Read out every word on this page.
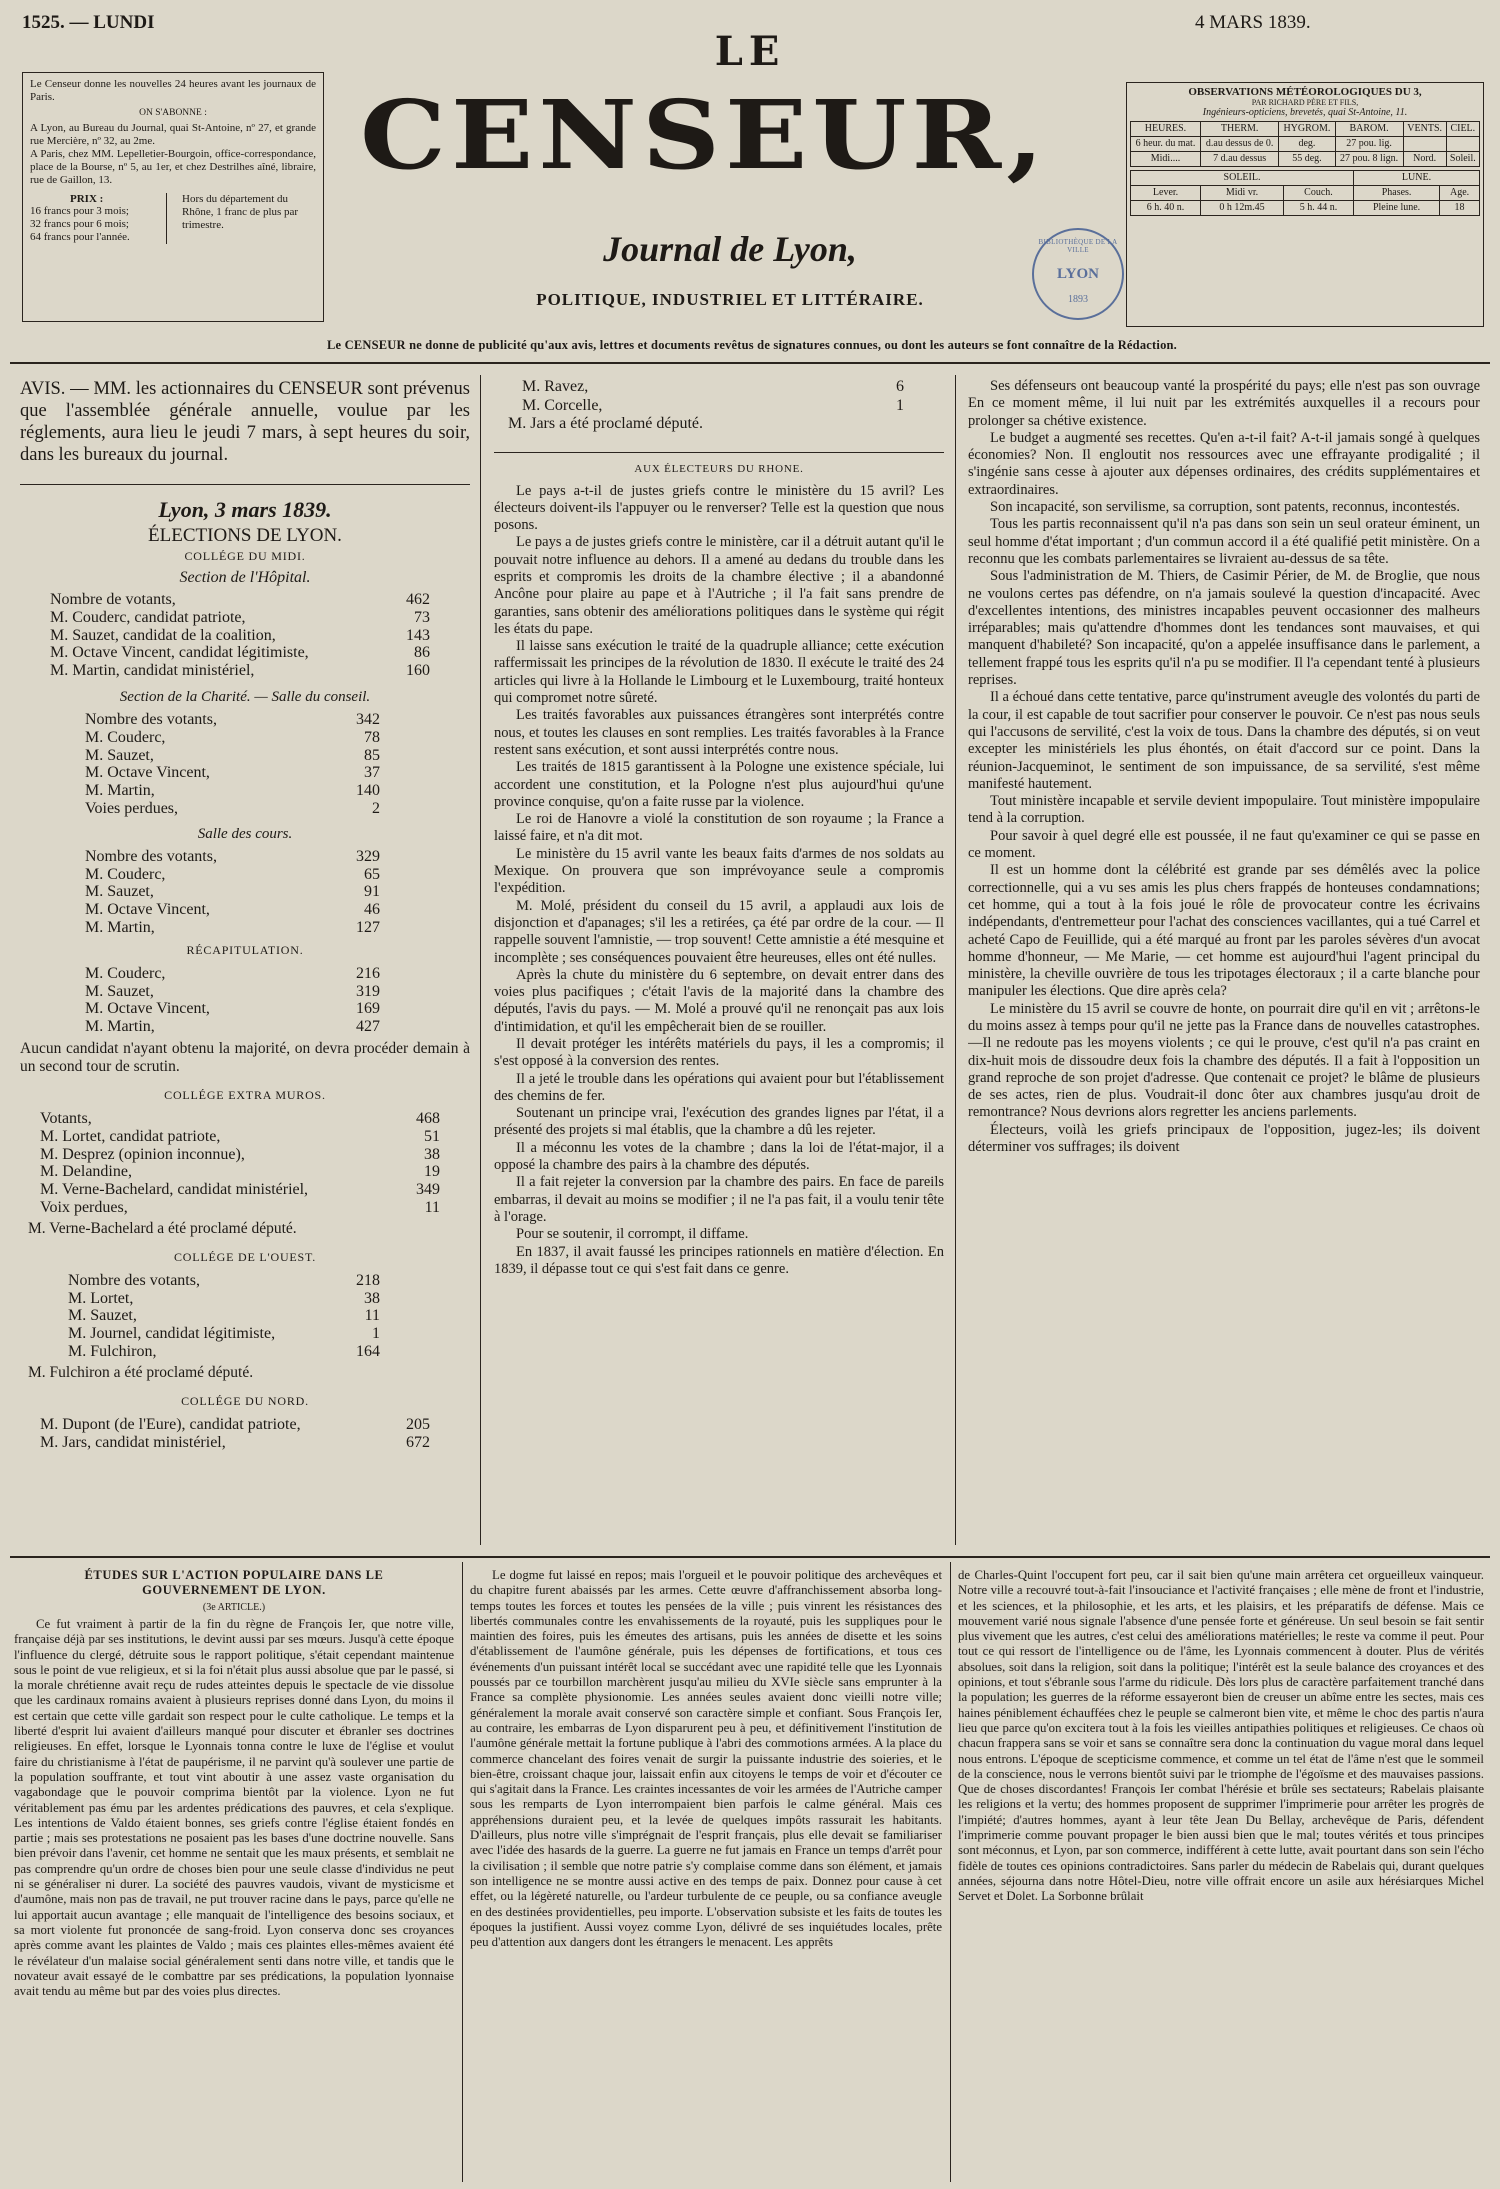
1525. — LUNDI	4 MARS 1839.
Le Censeur donne les nouvelles 24 heures avant les journaux de Paris.
ON S'ABONNE :
A Lyon, au Bureau du Journal, quai St-Antoine, nº 27, et grande rue Mercière, nº 32, au 2me.
A Paris, chez MM. Lepelletier-Bourgoin, office-correspondance, place de la Bourse, nº 5, au 1er, et chez Destrilhes aîné, libraire, rue de Gaillon, 13.
PRIX :
16 francs pour 3 mois;
32 francs pour 6 mois;
64 francs pour l'année.
Hors du département du Rhône, 1 franc de plus par trimestre.
LE
CENSEUR,
Journal de Lyon,
POLITIQUE, INDUSTRIEL ET LITTÉRAIRE.
BIBLIOTHÈQUE DE LA VILLE
LYON
1893
OBSERVATIONS MÉTÉOROLOGIQUES DU 3,
PAR RICHARD PÈRE ET FILS,
Ingénieurs-opticiens, brevetés, quai St-Antoine, 11.
HEURES.	THERM.	HYGROM.	BAROM.	VENTS.	CIEL.
6 heur. du mat.	d.au dessus de 0.	deg.	27 pou. lig.		
Midi....	7 d.au dessus	55 deg.	27 pou. 8 lign.	Nord.	Soleil.
SOLEIL.			LUNE.	
Lever.	Midi vr.	Couch.	Phases.	Age.
6 h. 40 n.	0 h 12m.45	5 h. 44 n.	Pleine lune.	18
Le CENSEUR ne donne de publicité qu'aux avis, lettres et documents revêtus de signatures connues, ou dont les auteurs se font connaître de la Rédaction.
AVIS. — MM. les actionnaires du CENSEUR sont prévenus que l'assemblée générale annuelle, voulue par les réglements, aura lieu le jeudi 7 mars, à sept heures du soir, dans les bureaux du journal.
Lyon, 3 mars 1839.
ÉLECTIONS DE LYON.
COLLÉGE DU MIDI.
Section de l'Hôpital.
Nombre de votants,	462
M. Couderc, candidat patriote,	73
M. Sauzet, candidat de la coalition,	143
M. Octave Vincent, candidat légitimiste,	86
M. Martin, candidat ministériel,	160
Section de la Charité. — Salle du conseil.
Nombre des votants,	342
M. Couderc,	78
M. Sauzet,	85
M. Octave Vincent,	37
M. Martin,	140
Voies perdues,	2
Salle des cours.
Nombre des votants,	329
M. Couderc,	65
M. Sauzet,	91
M. Octave Vincent,	46
M. Martin,	127
RÉCAPITULATION.
M. Couderc,	216
M. Sauzet,	319
M. Octave Vincent,	169
M. Martin,	427
Aucun candidat n'ayant obtenu la majorité, on devra procéder demain à un second tour de scrutin.
COLLÉGE EXTRA MUROS.
Votants,	468
M. Lortet, candidat patriote,	51
M. Desprez (opinion inconnue),	38
M. Delandine,	19
M. Verne-Bachelard, candidat ministériel,	349
Voix perdues,	11
M. Verne-Bachelard a été proclamé député.
COLLÉGE DE L'OUEST.
Nombre des votants,	218
M. Lortet,	38
M. Sauzet,	11
M. Journel, candidat légitimiste,	1
M. Fulchiron,	164
M. Fulchiron a été proclamé député.
COLLÉGE DU NORD.
M. Dupont (de l'Eure), candidat patriote,	205
M. Jars, candidat ministériel,	672
M. Ravez,	6
M. Corcelle,	1
M. Jars a été proclamé député.
AUX ÉLECTEURS DU RHONE.

Le pays a-t-il de justes griefs contre le ministère du 15 avril? Les électeurs doivent-ils l'appuyer ou le renverser? Telle est la question que nous posons.

Le pays a de justes griefs contre le ministère, car il a détruit autant qu'il le pouvait notre influence au dehors. Il a amené au dedans du trouble dans les esprits et compromis les droits de la chambre élective ; il a abandonné Ancône pour plaire au pape et à l'Autriche ; il l'a fait sans prendre de garanties, sans obtenir des améliorations politiques dans le système qui régit les états du pape.

Il laisse sans exécution le traité de la quadruple alliance; cette exécution raffermissait les principes de la révolution de 1830. Il exécute le traité des 24 articles qui livre à la Hollande le Limbourg et le Luxembourg, traité honteux qui compromet notre sûreté.

Les traités favorables aux puissances étrangères sont interprétés contre nous, et toutes les clauses en sont remplies. Les traités favorables à la France restent sans exécution, et sont aussi interprétés contre nous.

Les traités de 1815 garantissent à la Pologne une existence spéciale, lui accordent une constitution, et la Pologne n'est plus aujourd'hui qu'une province conquise, qu'on a faite russe par la violence.

Le roi de Hanovre a violé la constitution de son royaume ; la France a laissé faire, et n'a dit mot.

Le ministère du 15 avril vante les beaux faits d'armes de nos soldats au Mexique. On prouvera que son imprévoyance seule a compromis l'expédition.

M. Molé, président du conseil du 15 avril, a applaudi aux lois de disjonction et d'apanages; s'il les a retirées, ça été par ordre de la cour. — Il rappelle souvent l'amnistie, — trop souvent! Cette amnistie a été mesquine et incomplète ; ses conséquences pouvaient être heureuses, elles ont été nulles.

Après la chute du ministère du 6 septembre, on devait entrer dans des voies plus pacifiques ; c'était l'avis de la majorité dans la chambre des députés, l'avis du pays. — M. Molé a prouvé qu'il ne renonçait pas aux lois d'intimidation, et qu'il les empêcherait bien de se rouiller.

Il devait protéger les intérêts matériels du pays, il les a compromis; il s'est opposé à la conversion des rentes.

Il a jeté le trouble dans les opérations qui avaient pour but l'établissement des chemins de fer.

Soutenant un principe vrai, l'exécution des grandes lignes par l'état, il a présenté des projets si mal établis, que la chambre a dû les rejeter.

Il a méconnu les votes de la chambre ; dans la loi de l'état-major, il a opposé la chambre des pairs à la chambre des députés.

Il a fait rejeter la conversion par la chambre des pairs. En face de pareils embarras, il devait au moins se modifier ; il ne l'a pas fait, il a voulu tenir tête à l'orage.

Pour se soutenir, il corrompt, il diffame.

En 1837, il avait faussé les principes rationnels en matière d'élection. En 1839, il dépasse tout ce qui s'est fait dans ce genre.

Ses défenseurs ont beaucoup vanté la prospérité du pays; elle n'est pas son ouvrage En ce moment même, il lui nuit par les extrémités auxquelles il a recours pour prolonger sa chétive existence.

Le budget a augmenté ses recettes. Qu'en a-t-il fait? A-t-il jamais songé à quelques économies? Non. Il engloutit nos ressources avec une effrayante prodigalité ; il s'ingénie sans cesse à ajouter aux dépenses ordinaires, des crédits supplémentaires et extraordinaires.

Son incapacité, son servilisme, sa corruption, sont patents, reconnus, incontestés.

Tous les partis reconnaissent qu'il n'a pas dans son sein un seul orateur éminent, un seul homme d'état important ; d'un commun accord il a été qualifié petit ministère. On a reconnu que les combats parlementaires se livraient au-dessus de sa tête.

Sous l'administration de M. Thiers, de Casimir Périer, de M. de Broglie, que nous ne voulons certes pas défendre, on n'a jamais soulevé la question d'incapacité. Avec d'excellentes intentions, des ministres incapables peuvent occasionner des malheurs irréparables; mais qu'attendre d'hommes dont les tendances sont mauvaises, et qui manquent d'habileté? Son incapacité, qu'on a appelée insuffisance dans le parlement, a tellement frappé tous les esprits qu'il n'a pu se modifier. Il l'a cependant tenté à plusieurs reprises.

Il a échoué dans cette tentative, parce qu'instrument aveugle des volontés du parti de la cour, il est capable de tout sacrifier pour conserver le pouvoir. Ce n'est pas nous seuls qui l'accusons de servilité, c'est la voix de tous. Dans la chambre des députés, si on veut excepter les ministériels les plus éhontés, on était d'accord sur ce point. Dans la réunion-Jacqueminot, le sentiment de son impuissance, de sa servilité, s'est même manifesté hautement.

Tout ministère incapable et servile devient impopulaire. Tout ministère impopulaire tend à la corruption.

Pour savoir à quel degré elle est poussée, il ne faut qu'examiner ce qui se passe en ce moment.

Il est un homme dont la célébrité est grande par ses démêlés avec la police correctionnelle, qui a vu ses amis les plus chers frappés de honteuses condamnations; cet homme, qui a tout à la fois joué le rôle de provocateur contre les écrivains indépendants, d'entremetteur pour l'achat des consciences vacillantes, qui a tué Carrel et acheté Capo de Feuillide, qui a été marqué au front par les paroles sévères d'un avocat homme d'honneur, — Me Marie, — cet homme est aujourd'hui l'agent principal du ministère, la cheville ouvrière de tous les tripotages électoraux ; il a carte blanche pour manipuler les élections. Que dire après cela?

Le ministère du 15 avril se couvre de honte, on pourrait dire qu'il en vit ; arrêtons-le du moins assez à temps pour qu'il ne jette pas la France dans de nouvelles catastrophes.—Il ne redoute pas les moyens violents ; ce qui le prouve, c'est qu'il n'a pas craint en dix-huit mois de dissoudre deux fois la chambre des députés. Il a fait à l'opposition un grand reproche de son projet d'adresse. Que contenait ce projet? le blâme de plusieurs de ses actes, rien de plus. Voudrait-il donc ôter aux chambres jusqu'au droit de remontrance? Nous devrions alors regretter les anciens parlements.

Électeurs, voilà les griefs principaux de l'opposition, jugez-les; ils doivent déterminer vos suffrages; ils doivent

ÉTUDES SUR L'ACTION POPULAIRE DANS LE GOUVERNEMENT DE LYON.
(3e ARTICLE.)

Ce fut vraiment à partir de la fin du règne de François Ier, que notre ville, française déjà par ses institutions, le devint aussi par ses mœurs. Jusqu'à cette époque l'influence du clergé, détruite sous le rapport politique, s'était cependant maintenue sous le point de vue religieux, et si la foi n'était plus aussi absolue que par le passé, si la morale chrétienne avait reçu de rudes atteintes depuis le spectacle de vie dissolue que les cardinaux romains avaient à plusieurs reprises donné dans Lyon, du moins il est certain que cette ville gardait son respect pour le culte catholique. Le temps et la liberté d'esprit lui avaient d'ailleurs manqué pour discuter et ébranler ses doctrines religieuses. En effet, lorsque le Lyonnais tonna contre le luxe de l'église et voulut faire du christianisme à l'état de paupérisme, il ne parvint qu'à soulever une partie de la population souffrante, et tout vint aboutir à une assez vaste organisation du vagabondage que le pouvoir comprima bientôt par la violence. Lyon ne fut véritablement pas ému par les ardentes prédications des pauvres, et cela s'explique. Les intentions de Valdo étaient bonnes, ses griefs contre l'église étaient fondés en partie ; mais ses protestations ne posaient pas les bases d'une doctrine nouvelle. Sans bien prévoir dans l'avenir, cet homme ne sentait que les maux présents, et semblait ne pas comprendre qu'un ordre de choses bien pour une seule classe d'individus ne peut ni se généraliser ni durer. La société des pauvres vaudois, vivant de mysticisme et d'aumône, mais non pas de travail, ne put trouver racine dans le pays, parce qu'elle ne lui apportait aucun avantage ; elle manquait de l'intelligence des besoins sociaux, et sa mort violente fut prononcée de sang-froid. Lyon conserva donc ses croyances après comme avant les plaintes de Valdo ; mais ces plaintes elles-mêmes avaient été le révélateur d'un malaise social généralement senti dans notre ville, et tandis que le novateur avait essayé de le combattre par ses prédications, la population lyonnaise avait tendu au même but par des voies plus directes.

Le dogme fut laissé en repos; mais l'orgueil et le pouvoir politique des archevêques et du chapitre furent abaissés par les armes. Cette œuvre d'affranchissement absorba long-temps toutes les forces et toutes les pensées de la ville ; puis vinrent les résistances des libertés communales contre les envahissements de la royauté, puis les suppliques pour le maintien des foires, puis les émeutes des artisans, puis les années de disette et les soins d'établissement de l'aumône générale, puis les dépenses de fortifications, et tous ces événements d'un puissant intérêt local se succédant avec une rapidité telle que les Lyonnais poussés par ce tourbillon marchèrent jusqu'au milieu du XVIe siècle sans emprunter à la France sa complète physionomie. Les années seules avaient donc vieilli notre ville; généralement la morale avait conservé son caractère simple et confiant. Sous François Ier, au contraire, les embarras de Lyon disparurent peu à peu, et définitivement l'institution de l'aumône générale mettait la fortune publique à l'abri des commotions armées. A la place du commerce chancelant des foires venait de surgir la puissante industrie des soieries, et le bien-être, croissant chaque jour, laissait enfin aux citoyens le temps de voir et d'écouter ce qui s'agitait dans la France. Les craintes incessantes de voir les armées de l'Autriche camper sous les remparts de Lyon interrompaient bien parfois le calme général. Mais ces appréhensions duraient peu, et la levée de quelques impôts rassurait les habitants. D'ailleurs, plus notre ville s'imprégnait de l'esprit français, plus elle devait se familiariser avec l'idée des hasards de la guerre. La guerre ne fut jamais en France un temps d'arrêt pour la civilisation ; il semble que notre patrie s'y complaise comme dans son élément, et jamais son intelligence ne se montre aussi active en des temps de paix. Donnez pour cause à cet effet, ou la légèreté naturelle, ou l'ardeur turbulente de ce peuple, ou sa confiance aveugle en des destinées providentielles, peu importe. L'observation subsiste et les faits de toutes les époques la justifient. Aussi voyez comme Lyon, délivré de ses inquiétudes locales, prête peu d'attention aux dangers dont les étrangers le menacent. Les apprêts

de Charles-Quint l'occupent fort peu, car il sait bien qu'une main arrêtera cet orgueilleux vainqueur. Notre ville a recouvré tout-à-fait l'insouciance et l'activité françaises ; elle mène de front et l'industrie, et les sciences, et la philosophie, et les arts, et les plaisirs, et les préparatifs de défense. Mais ce mouvement varié nous signale l'absence d'une pensée forte et généreuse. Un seul besoin se fait sentir plus vivement que les autres, c'est celui des améliorations matérielles; le reste va comme il peut. Pour tout ce qui ressort de l'intelligence ou de l'âme, les Lyonnais commencent à douter. Plus de vérités absolues, soit dans la religion, soit dans la politique; l'intérêt est la seule balance des croyances et des opinions, et tout s'ébranle sous l'arme du ridicule. Dès lors plus de caractère parfaitement tranché dans la population; les guerres de la réforme essayeront bien de creuser un abîme entre les sectes, mais ces haines péniblement échauffées chez le peuple se calmeront bien vite, et même le choc des partis n'aura lieu que parce qu'on excitera tout à la fois les vieilles antipathies politiques et religieuses. Ce chaos où chacun frappera sans se voir et sans se connaître sera donc la continuation du vague moral dans lequel nous entrons. L'époque de scepticisme commence, et comme un tel état de l'âme n'est que le sommeil de la conscience, nous le verrons bientôt suivi par le triomphe de l'égoïsme et des mauvaises passions. Que de choses discordantes! François Ier combat l'hérésie et brûle ses sectateurs; Rabelais plaisante les religions et la vertu; des hommes proposent de supprimer l'imprimerie pour arrêter les progrès de l'impiété; d'autres hommes, ayant à leur tête Jean Du Bellay, archevêque de Paris, défendent l'imprimerie comme pouvant propager le bien aussi bien que le mal; toutes vérités et tous principes sont méconnus, et Lyon, par son commerce, indifférent à cette lutte, avait pourtant dans son sein l'écho fidèle de toutes ces opinions contradictoires. Sans parler du médecin de Rabelais qui, durant quelques années, séjourna dans notre Hôtel-Dieu, notre ville offrait encore un asile aux hérésiarques Michel Servet et Dolet. La Sorbonne brûlait
